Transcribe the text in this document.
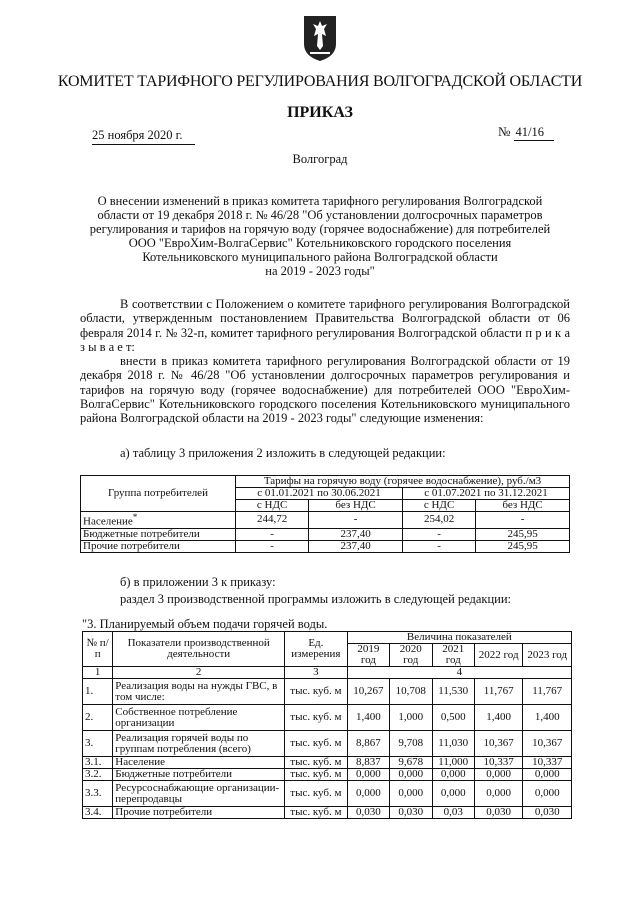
КОМИТЕТ ТАРИФНОГО РЕГУЛИРОВАНИЯ ВОЛГОГРАДСКОЙ ОБЛАСТИ
ПРИКАЗ
25 ноября 2020 г.	№ 41/16
Волгоград
О внесении изменений в приказ комитета тарифного регулирования Волгоградской
области от 19 декабря 2018 г. № 46/28 "Об установлении долгосрочных параметров
регулирования и тарифов на горячую воду (горячее водоснабжение) для потребителей
ООО "ЕвроХим-ВолгаСервис" Котельниковского городского поселения
Котельниковского муниципального района Волгоградской области
на 2019 - 2023 годы"

В соответствии с Положением о комитете тарифного регулирования Волгоградской области, утвержденным постановлением Правительства Волгоградской области от 06 февраля 2014 г. № 32-п, комитет тарифного регулирования Волгоградской области п р и к а з ы в а е т:

внести в приказ комитета тарифного регулирования Волгоградской области от 19 декабря 2018 г. № 46/28 "Об установлении долгосрочных параметров регулирования и тарифов на горячую воду (горячее водоснабжение) для потребителей ООО "ЕвроХим-ВолгаСервис" Котельниковского городского поселения Котельниковского муниципального района Волгоградской области на 2019 - 2023 годы" следующие изменения:

а) таблицу 3 приложения 2 изложить в следующей редакции:
Группа потребителей	Тарифы на горячую воду (горячее водоснабжение), руб./м3			
	с 01.01.2021 по 30.06.2021		с 01.07.2021 по 31.12.2021	
	с НДС	без НДС	с НДС	без НДС
Население*	244,72	-	254,02	-
Бюджетные потребители	-	237,40	-	245,95
Прочие потребители	-	237,40	-	245,95
б) в приложении 3 к приказу:
раздел 3 производственной программы изложить в следующей редакции:
"3. Планируемый объем подачи горячей воды.
№ п/п	Показатели производственной деятельности	Ед. измерения	Величина показателей				
			2019 год	2020 год	2021 год	2022 год	2023 год
1	2	3	4				
1.	Реализация воды на нужды ГВС, в том числе:	тыс. куб. м	10,267	10,708	11,530	11,767	11,767
2.	Собственное потребление организации	тыс. куб. м	1,400	1,000	0,500	1,400	1,400
3.	Реализация горячей воды по группам потребления (всего)	тыс. куб. м	8,867	9,708	11,030	10,367	10,367
3.1.	Население	тыс. куб. м	8,837	9,678	11,000	10,337	10,337
3.2.	Бюджетные потребители	тыс. куб. м	0,000	0,000	0,000	0,000	0,000
3.3.	Ресурсоснабжающие организации-перепродавцы	тыс. куб. м	0,000	0,000	0,000	0,000	0,000
3.4.	Прочие потребители	тыс. куб. м	0,030	0,030	0,03	0,030	0,030
